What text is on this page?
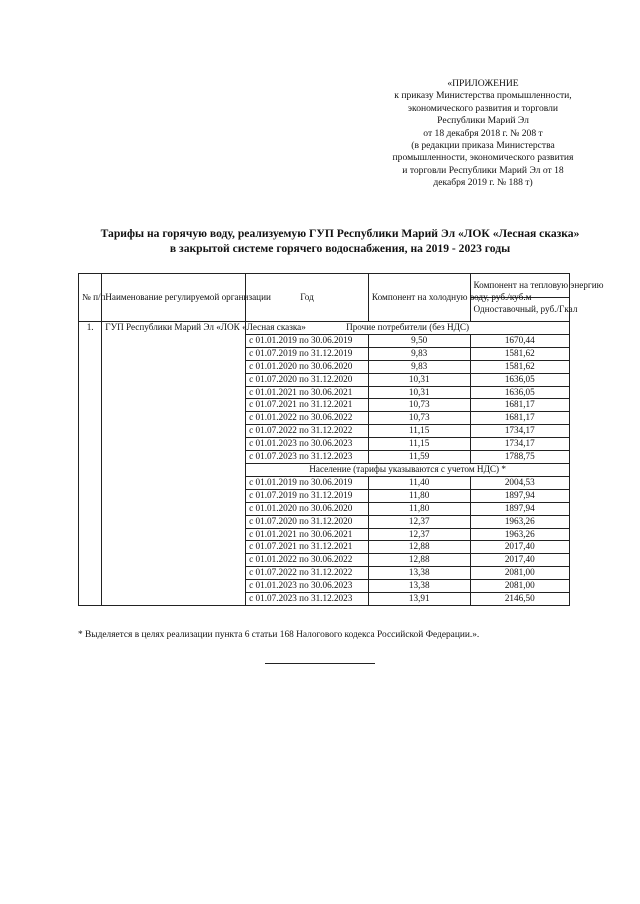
«ПРИЛОЖЕНИЕ
к приказу Министерства промышленности,
экономического развития и торговли
Республики Марий Эл
от 18 декабря 2018 г. № 208 т
(в редакции приказа Министерства
промышленности, экономического развития
и торговли Республики Марий Эл от 18
декабря 2019 г. № 188 т)
Тарифы на горячую воду, реализуемую ГУП Республики Марий Эл «ЛОК «Лесная сказка»
в закрытой системе горячего водоснабжения, на 2019 - 2023 годы
№ п/п	Наименование регулируемой организации	Год	Компонент на холодную воду, руб./куб.м	Компонент на тепловую энергию
				Одноставочный, руб./Гкал
1.	ГУП Республики Марий Эл «ЛОК «Лесная сказка»	Прочие потребители (без НДС)		
		с 01.01.2019 по 30.06.2019	9,50	1670,44
		с 01.07.2019 по 31.12.2019	9,83	1581,62
		с 01.01.2020 по 30.06.2020	9,83	1581,62
		с 01.07.2020 по 31.12.2020	10,31	1636,05
		с 01.01.2021 по 30.06.2021	10,31	1636,05
		с 01.07.2021 по 31.12.2021	10,73	1681,17
		с 01.01.2022 по 30.06.2022	10,73	1681,17
		с 01.07.2022 по 31.12.2022	11,15	1734,17
		с 01.01.2023 по 30.06.2023	11,15	1734,17
		с 01.07.2023 по 31.12.2023	11,59	1788,75
		Население (тарифы указываются с учетом НДС) *		
		с 01.01.2019 по 30.06.2019	11,40	2004,53
		с 01.07.2019 по 31.12.2019	11,80	1897,94
		с 01.01.2020 по 30.06.2020	11,80	1897,94
		с 01.07.2020 по 31.12.2020	12,37	1963,26
		с 01.01.2021 по 30.06.2021	12,37	1963,26
		с 01.07.2021 по 31.12.2021	12,88	2017,40
		с 01.01.2022 по 30.06.2022	12,88	2017,40
		с 01.07.2022 по 31.12.2022	13,38	2081,00
		с 01.01.2023 по 30.06.2023	13,38	2081,00
		с 01.07.2023 по 31.12.2023	13,91	2146,50
* Выделяется в целях реализации пункта 6 статьи 168 Налогового кодекса Российской Федерации.».
